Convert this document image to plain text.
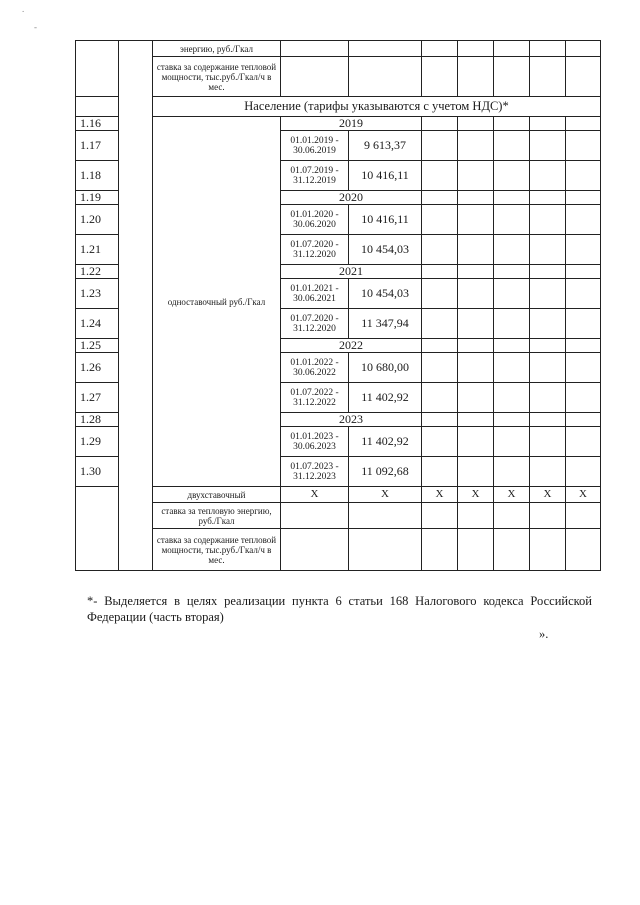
.
-
		энергию, руб./Гкал							
		ставка за содержание тепловой мощности, тыс.руб./Гкал/ч в мес.							
		Население (тарифы указываются с учетом НДС)*							
1.16		одноставочный руб./Гкал	2019						
1.17			01.01.2019 - 30.06.2019	9 613,37					
1.18			01.07.2019 - 31.12.2019	10 416,11					
1.19			2020						
1.20			01.01.2020 - 30.06.2020	10 416,11					
1.21			01.07.2020 - 31.12.2020	10 454,03					
1.22			2021						
1.23			01.01.2021 - 30.06.2021	10 454,03					
1.24			01.07.2020 - 31.12.2020	11 347,94					
1.25			2022						
1.26			01.01.2022 - 30.06.2022	10 680,00					
1.27			01.07.2022 - 31.12.2022	11 402,92					
1.28			2023						
1.29			01.01.2023 - 30.06.2023	11 402,92					
1.30			01.07.2023 - 31.12.2023	11 092,68					
		двухставочный	Х	Х	Х	Х	Х	Х	Х
		ставка за тепловую энергию, руб./Гкал							
		ставка за содержание тепловой мощности, тыс.руб./Гкал/ч в мес.							

*- Выделяется в целях реализации пункта 6 статьи 168 Налогового кодекса Российской Федерации (часть вторая)

».
